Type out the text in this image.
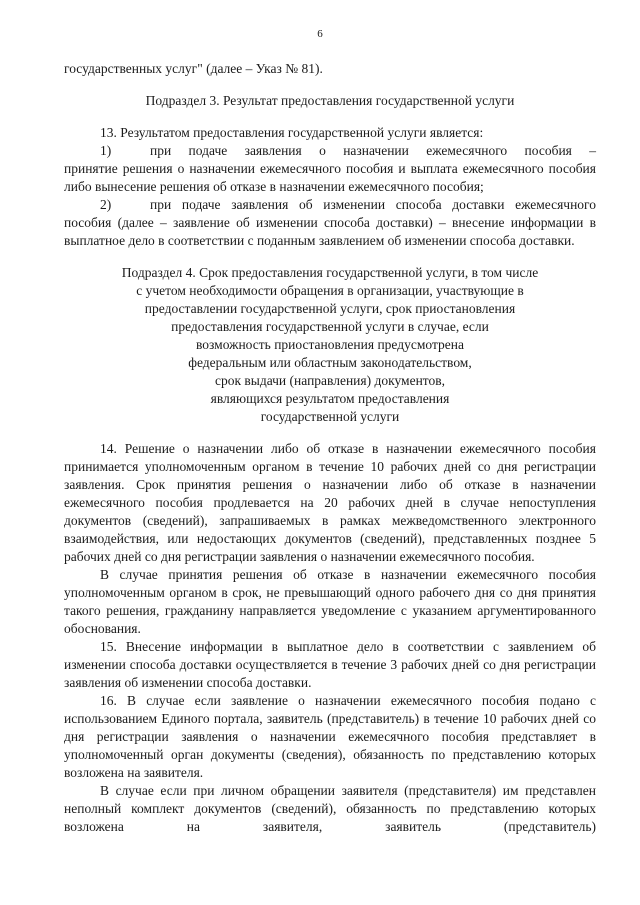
6

государственных услуг" (далее – Указ № 81).

Подраздел 3. Результат предоставления государственной услуги

13. Результатом предоставления государственной услуги является:

1)	при подаче заявления о назначении ежемесячного пособия –

принятие решения о назначении ежемесячного пособия и выплата ежемесячного пособия либо вынесение решения об отказе в назначении ежемесячного пособия;

2)	при подаче заявления об изменении способа доставки ежемесячного

пособия (далее – заявление об изменении способа доставки) – внесение информации в выплатное дело в соответствии с поданным заявлением об изменении способа доставки.

Подраздел 4. Срок предоставления государственной услуги, в том числе

с учетом необходимости обращения в организации, участвующие в

предоставлении государственной услуги, срок приостановления

предоставления государственной услуги в случае, если

возможность приостановления предусмотрена

федеральным или областным законодательством,

срок выдачи (направления) документов,

являющихся результатом предоставления

государственной услуги

14. Решение о назначении либо об отказе в назначении ежемесячного пособия принимается уполномоченным органом в течение 10 рабочих дней со дня регистрации заявления. Срок принятия решения о назначении либо об отказе в назначении ежемесячного пособия продлевается на 20 рабочих дней в случае непоступления документов (сведений), запрашиваемых в рамках межведомственного электронного взаимодействия, или недостающих документов (сведений), представленных позднее 5 рабочих дней со дня регистрации заявления о назначении ежемесячного пособия.

В случае принятия решения об отказе в назначении ежемесячного пособия уполномоченным органом в срок, не превышающий одного рабочего дня со дня принятия такого решения, гражданину направляется уведомление с указанием аргументированного обоснования.

15. Внесение информации в выплатное дело в соответствии с заявлением об изменении способа доставки осуществляется в течение 3 рабочих дней со дня регистрации заявления об изменении способа доставки.

16. В случае если заявление о назначении ежемесячного пособия подано с использованием Единого портала, заявитель (представитель) в течение 10 рабочих дней со дня регистрации заявления о назначении ежемесячного пособия представляет в уполномоченный орган документы (сведения), обязанность по представлению которых возложена на заявителя.

В случае если при личном обращении заявителя (представителя) им представлен неполный комплект документов (сведений), обязанность по представлению которых возложена на заявителя, заявитель (представитель)
